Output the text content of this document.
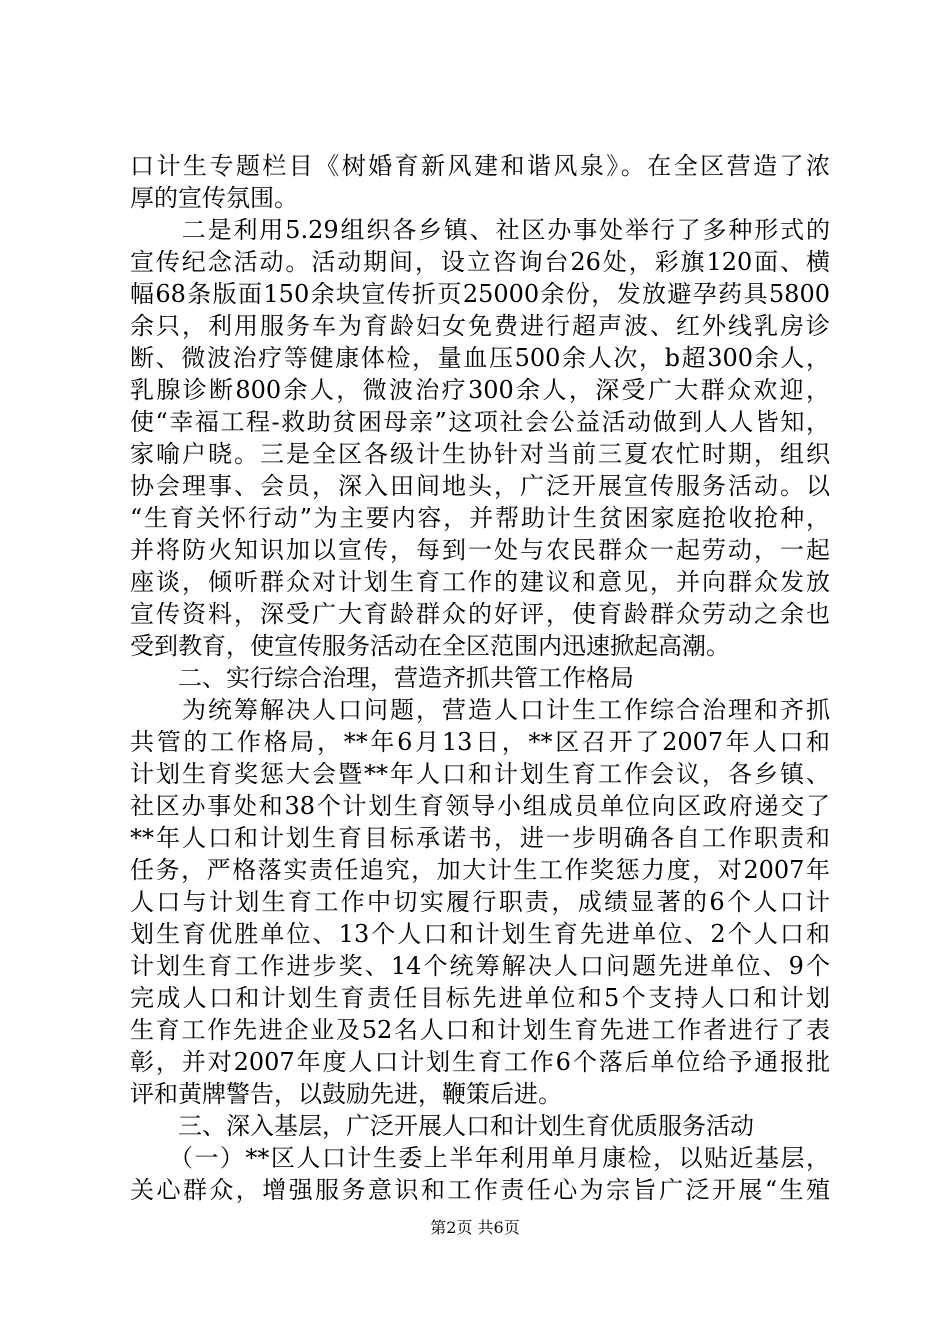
口计生专题栏目《树婚育新风建和谐风泉》。在全区营造了浓
厚的宣传氛围。
　　二是利用5.29组织各乡镇、社区办事处举行了多种形式的
宣传纪念活动。活动期间，设立咨询台26处，彩旗120面、横
幅68条版面150余块宣传折页25000余份，发放避孕药具5800
余只，利用服务车为育龄妇女免费进行超声波、红外线乳房诊
断、微波治疗等健康体检，量血压500余人次，b超300余人，
乳腺诊断800余人，微波治疗300余人，深受广大群众欢迎，
使“幸福工程-救助贫困母亲”这项社会公益活动做到人人皆知，
家喻户晓。三是全区各级计生协针对当前三夏农忙时期，组织
协会理事、会员，深入田间地头，广泛开展宣传服务活动。以
“生育关怀行动”为主要内容，并帮助计生贫困家庭抢收抢种，
并将防火知识加以宣传，每到一处与农民群众一起劳动，一起
座谈，倾听群众对计划生育工作的建议和意见，并向群众发放
宣传资料，深受广大育龄群众的好评，使育龄群众劳动之余也
受到教育，使宣传服务活动在全区范围内迅速掀起高潮。
　　二、实行综合治理，营造齐抓共管工作格局
　　为统筹解决人口问题，营造人口计生工作综合治理和齐抓
共管的工作格局，**年6月13日，**区召开了2007年人口和
计划生育奖惩大会暨**年人口和计划生育工作会议，各乡镇、
社区办事处和38个计划生育领导小组成员单位向区政府递交了
**年人口和计划生育目标承诺书，进一步明确各自工作职责和
任务，严格落实责任追究，加大计生工作奖惩力度，对2007年
人口与计划生育工作中切实履行职责，成绩显著的6个人口计
划生育优胜单位、13个人口和计划生育先进单位、2个人口和
计划生育工作进步奖、14个统筹解决人口问题先进单位、9个
完成人口和计划生育责任目标先进单位和5个支持人口和计划
生育工作先进企业及52名人口和计划生育先进工作者进行了表
彰，并对2007年度人口计划生育工作6个落后单位给予通报批
评和黄牌警告，以鼓励先进，鞭策后进。
　　三、深入基层，广泛开展人口和计划生育优质服务活动
　　（一）**区人口计生委上半年利用单月康检，以贴近基层，
关心群众，增强服务意识和工作责任心为宗旨广泛开展“生殖
第2页 共6页
